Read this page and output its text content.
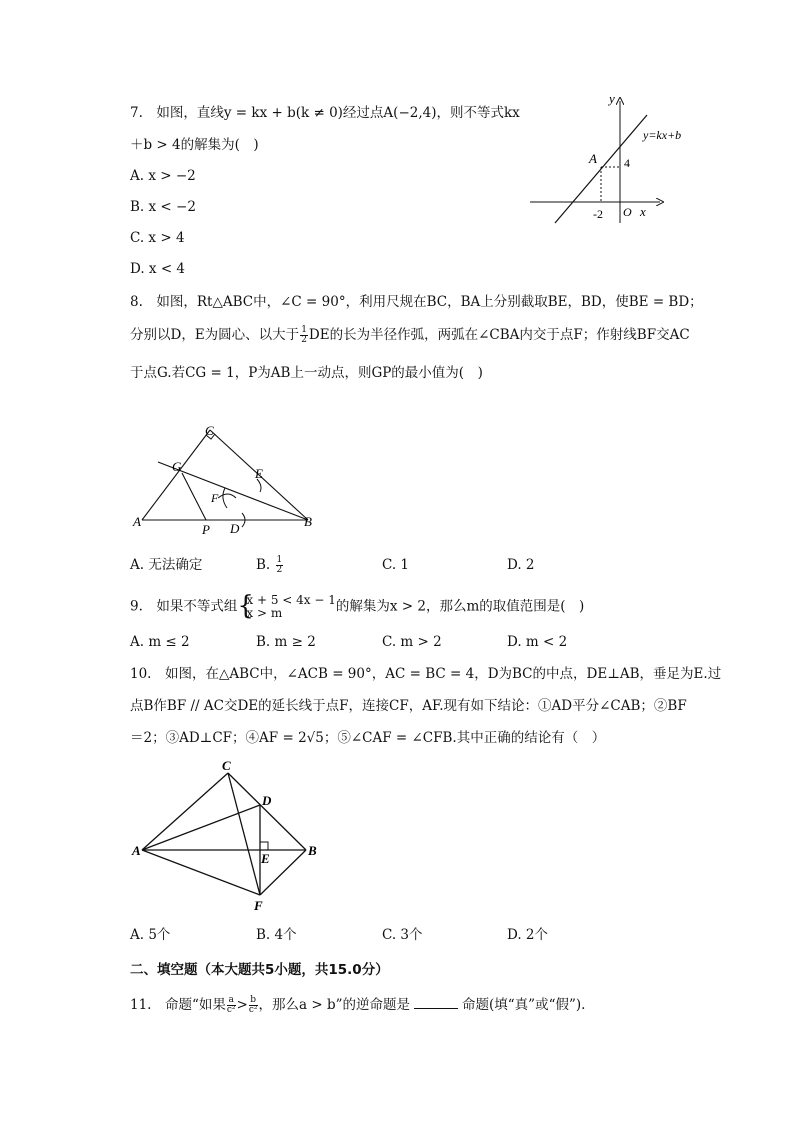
7.　如图，直线y = kx + b(k ≠ 0)经过点A(−2,4)，则不等式kx
＋b > 4的解集为(　)
A. x > −2
B. x < −2
C. x > 4
D. x < 4
y
y=kx+b
A 4
-2 O x
8.　如图，Rt△ABC中，∠C = 90°，利用尺规在BC，BA上分别截取BE，BD，使BE = BD；
分别以D，E为圆心、以大于 $\frac{1}{2}$ DE的长为半径作弧，两弧在∠CBA内交于点F；作射线BF交AC
于点G.若CG = 1，P为AB上一动点，则GP的最小值为(　)
C
G	E
F
A
P D	B
A. 无法确定	B. $\frac{1}{2}$	C. 1	D. 2
9.　如果不等式组
{ x + 5 < 4x − 1
x > m	的解集为x > 2，那么m的取值范围是(　)
A. m ≤ 2	B. m ≥ 2	C. m > 2	D. m < 2
10.　如图，在△ABC中，∠ACB = 90°，AC = BC = 4，D为BC的中点，DE⊥AB，垂足为E.过
点B作BF // AC交DE的延长线于点F，连接CF，AF.现有如下结论：①AD平分∠CAB；②BF
＝2；③AD⊥CF；④AF = 2√5；⑤∠CAF = ∠CFB.其中正确的结论有（　）
C
D
A
E
B
F
A. 5个	B. 4个	C. 3个	D. 2个
二、填空题（本大题共5小题，共15.0分）
11.　命题“如果 $\frac{a}{\text{c²}} > \frac{b}{\text{c²}}$ ，那么a > b”的逆命题是	命题(填“真”或“假”).
